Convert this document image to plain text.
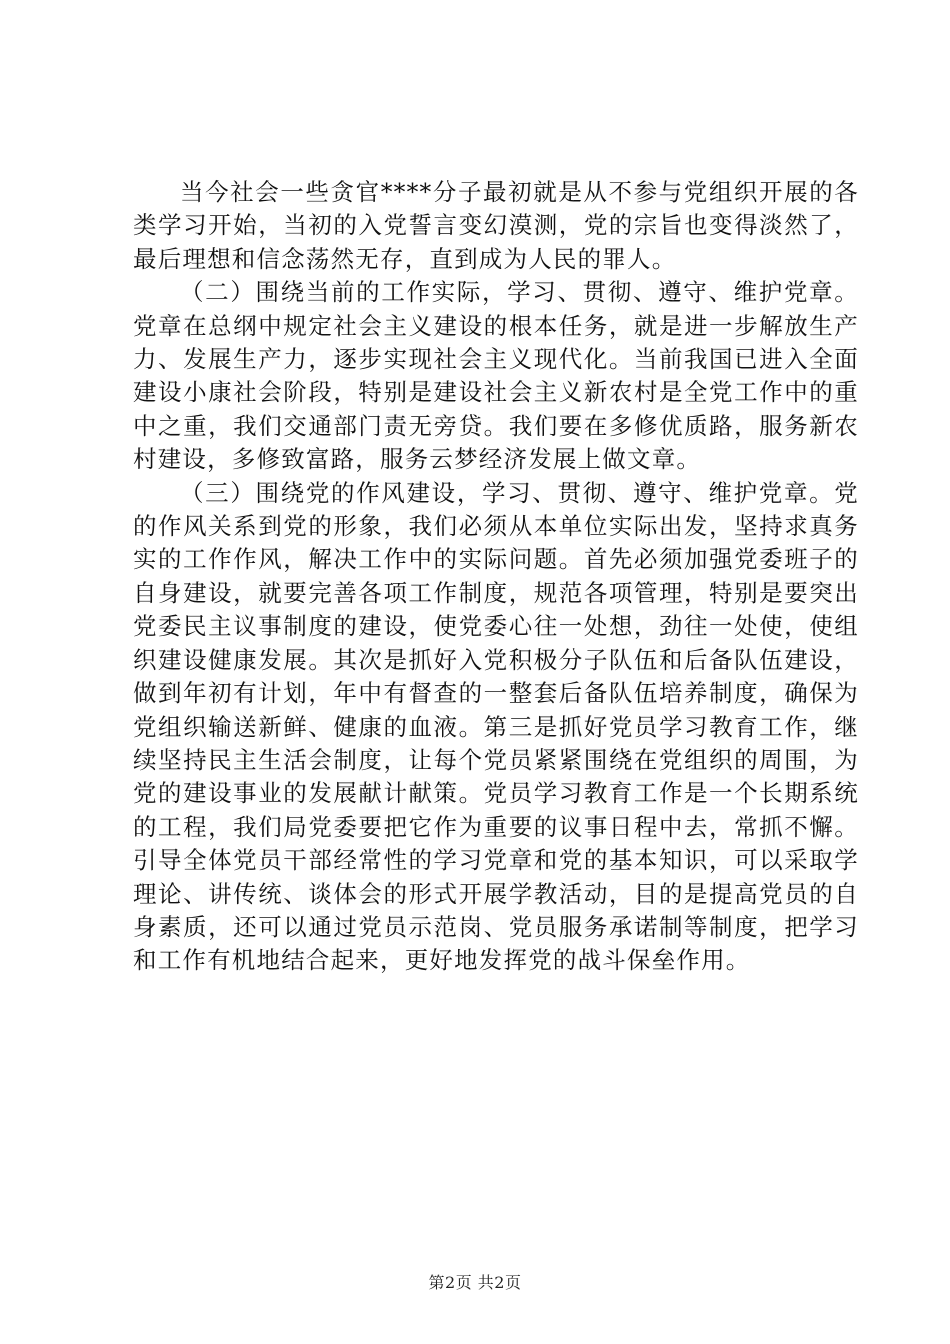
当今社会一些贪官****分子最初就是从不参与党组织开展的各类学习开始，当初的入党誓言变幻漠测，党的宗旨也变得淡然了，最后理想和信念荡然无存，直到成为人民的罪人。

（二）围绕当前的工作实际，学习、贯彻、遵守、维护党章。党章在总纲中规定社会主义建设的根本任务，就是进一步解放生产力、发展生产力，逐步实现社会主义现代化。当前我国已进入全面建设小康社会阶段，特别是建设社会主义新农村是全党工作中的重中之重，我们交通部门责无旁贷。我们要在多修优质路，服务新农村建设，多修致富路，服务云梦经济发展上做文章。

（三）围绕党的作风建设，学习、贯彻、遵守、维护党章。党的作风关系到党的形象，我们必须从本单位实际出发，坚持求真务实的工作作风，解决工作中的实际问题。首先必须加强党委班子的自身建设，就要完善各项工作制度，规范各项管理，特别是要突出党委民主议事制度的建设，使党委心往一处想，劲往一处使，使组织建设健康发展。其次是抓好入党积极分子队伍和后备队伍建设，做到年初有计划，年中有督查的一整套后备队伍培养制度，确保为党组织输送新鲜、健康的血液。第三是抓好党员学习教育工作，继续坚持民主生活会制度，让每个党员紧紧围绕在党组织的周围，为党的建设事业的发展献计献策。党员学习教育工作是一个长期系统的工程，我们局党委要把它作为重要的议事日程中去，常抓不懈。引导全体党员干部经常性的学习党章和党的基本知识，可以采取学理论、讲传统、谈体会的形式开展学教活动，目的是提高党员的自身素质，还可以通过党员示范岗、党员服务承诺制等制度，把学习和工作有机地结合起来，更好地发挥党的战斗保垒作用。

第2页 共2页
